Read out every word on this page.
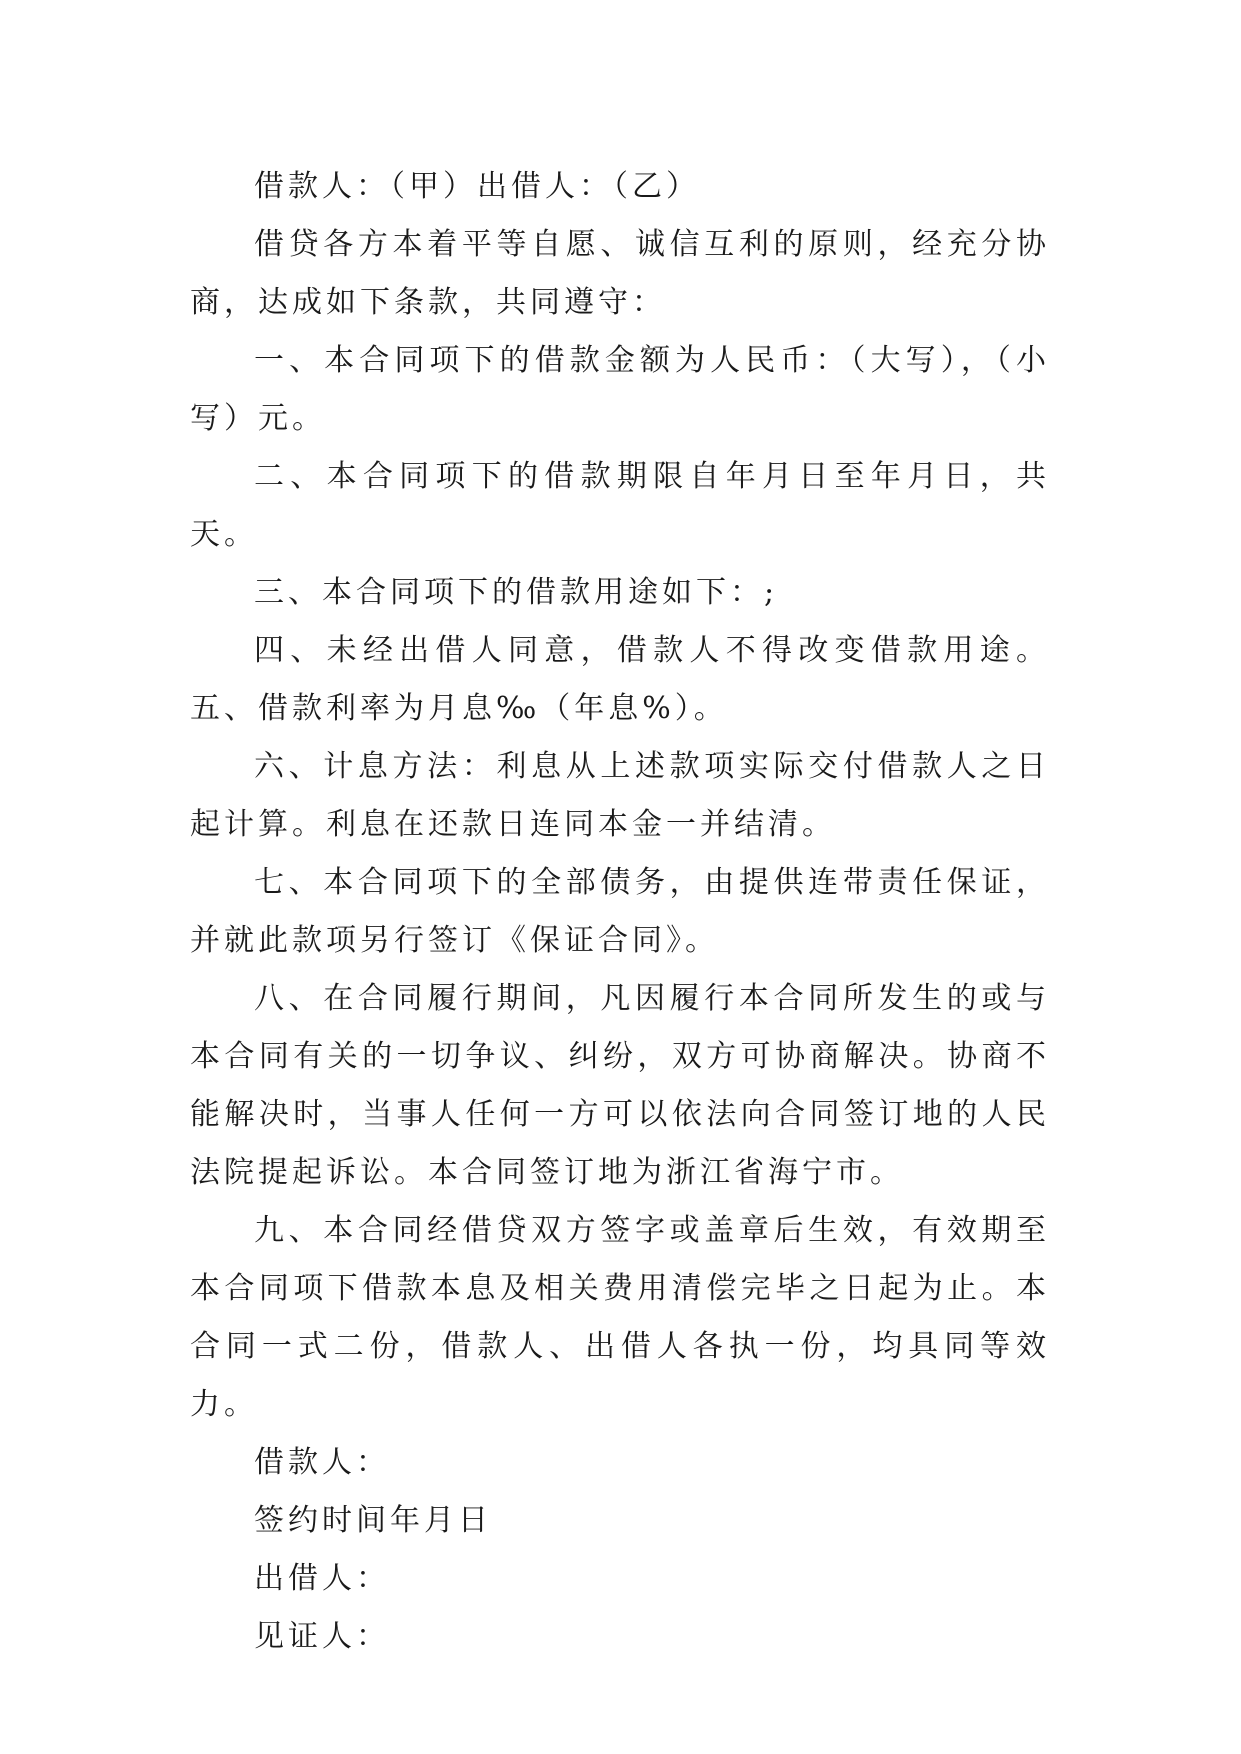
借款人：（甲）出借人：（乙）

借贷各方本着平等自愿、诚信互利的原则，经充分协商，达成如下条款，共同遵守：

一、本合同项下的借款金额为人民币：（大写），（小写）元。

二、本合同项下的借款期限自年月日至年月日，共天。

三、本合同项下的借款用途如下：;

四、未经出借人同意，借款人不得改变借款用途。五、借款利率为月息‰（年息%）。

六、计息方法：利息从上述款项实际交付借款人之日起计算。利息在还款日连同本金一并结清。

七、本合同项下的全部债务，由提供连带责任保证，并就此款项另行签订《保证合同》。

八、在合同履行期间，凡因履行本合同所发生的或与本合同有关的一切争议、纠纷，双方可协商解决。协商不能解决时，当事人任何一方可以依法向合同签订地的人民法院提起诉讼。本合同签订地为浙江省海宁市。

九、本合同经借贷双方签字或盖章后生效，有效期至本合同项下借款本息及相关费用清偿完毕之日起为止。本合同一式二份，借款人、出借人各执一份，均具同等效力。

借款人：

签约时间年月日

出借人：

见证人：
